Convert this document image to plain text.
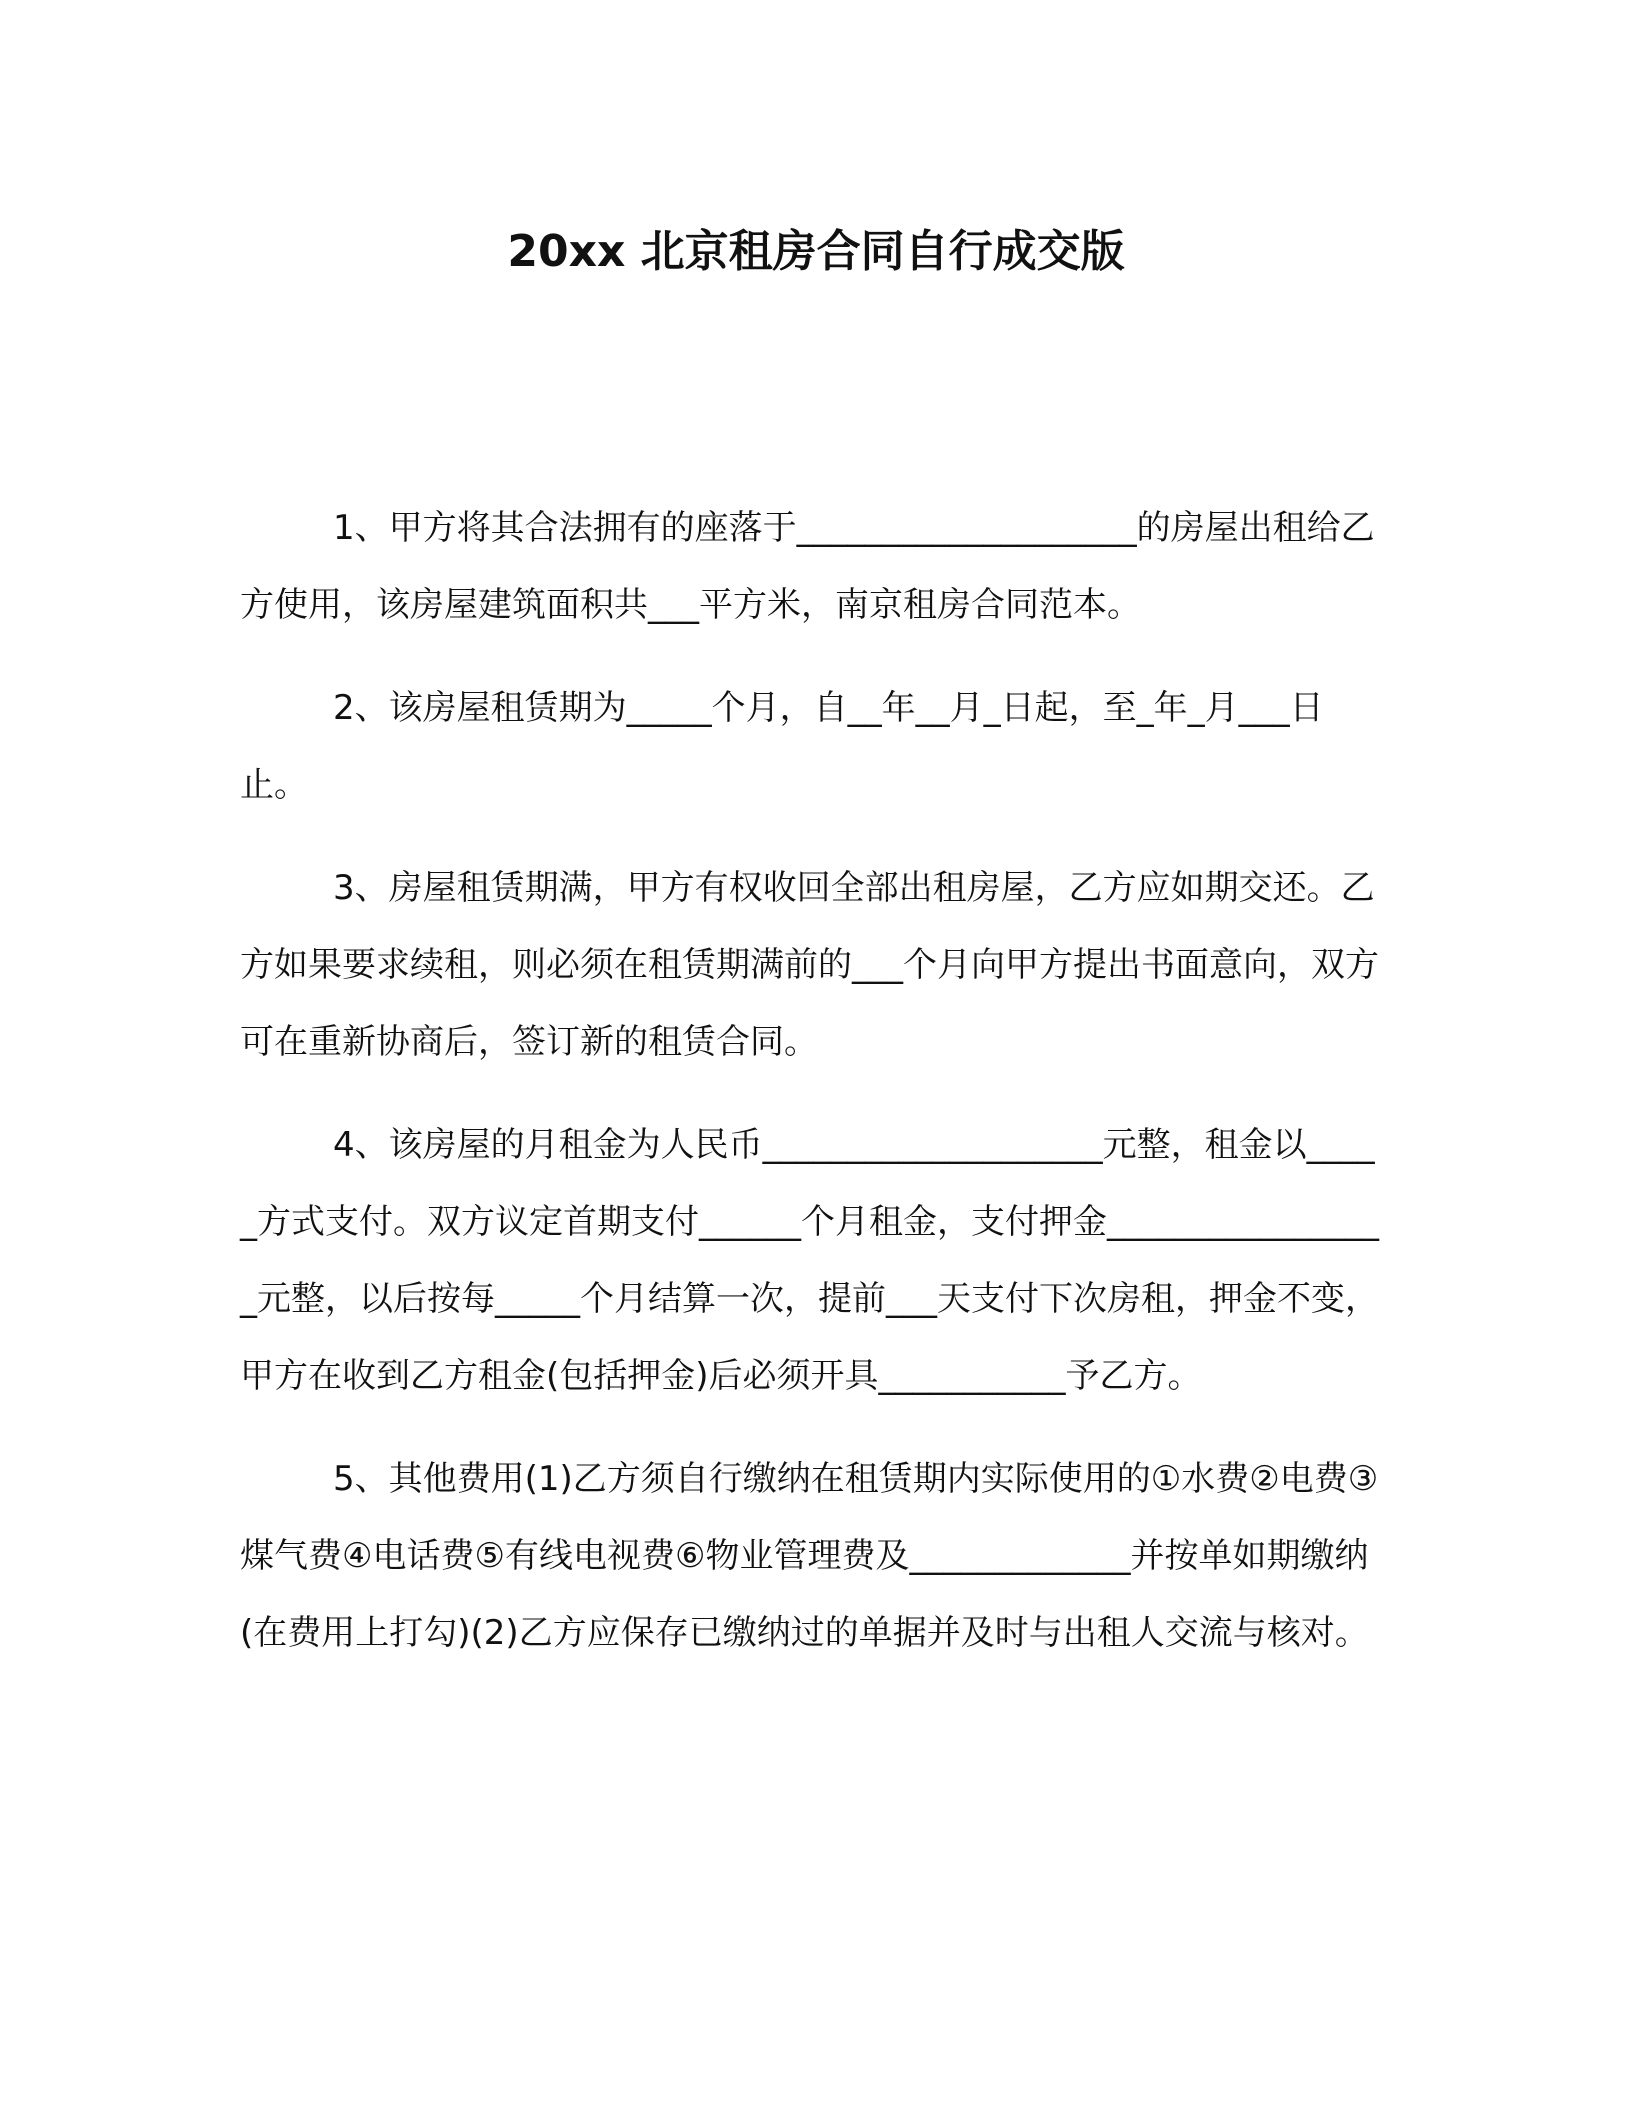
20xx 北京租房合同自行成交版

1、甲方将其合法拥有的座落于____________________的房屋出租给乙方使用，该房屋建筑面积共___平方米，南京租房合同范本。

2、该房屋租赁期为_____个月，自__年__月_日起，至_年_月___日止。

3、房屋租赁期满，甲方有权收回全部出租房屋，乙方应如期交还。乙方如果要求续租，则必须在租赁期满前的___个月向甲方提出书面意向，双方可在重新协商后，签订新的租赁合同。

4、该房屋的月租金为人民币____________________元整，租金以_____方式支付。双方议定首期支付______个月租金，支付押金_________________元整，以后按每_____个月结算一次，提前___天支付下次房租，押金不变，甲方在收到乙方租金(包括押金)后必须开具___________予乙方。

5、其他费用(1)乙方须自行缴纳在租赁期内实际使用的①水费②电费③煤气费④电话费⑤有线电视费⑥物业管理费及_____________并按单如期缴纳(在费用上打勾)(2)乙方应保存已缴纳过的单据并及时与出租人交流与核对。
